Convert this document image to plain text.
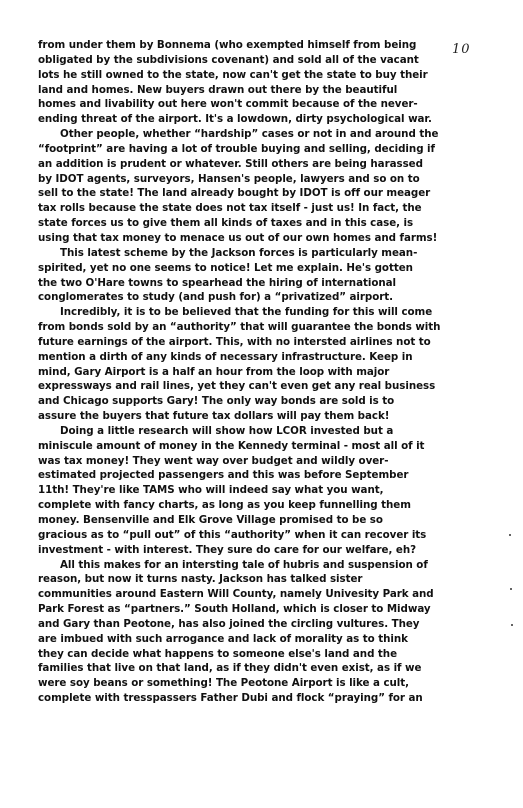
10
from under them by Bonnema (who exempted himself from being
obligated by the subdivisions covenant) and sold all of the vacant
lots he still owned to the state, now can't get the state to buy their
land and homes. New buyers drawn out there by the beautiful
homes and livability out here won't commit because of the never-
ending threat of the airport. It's a lowdown, dirty psychological war.
Other people, whether “hardship” cases or not in and around the
“footprint” are having a lot of trouble buying and selling, deciding if
an addition is prudent or whatever. Still others are being harassed
by IDOT agents, surveyors, Hansen's people, lawyers and so on to
sell to the state! The land already bought by IDOT is off our meager
tax rolls because the state does not tax itself - just us! In fact, the
state forces us to give them all kinds of taxes and in this case, is
using that tax money to menace us out of our own homes and farms!
This latest scheme by the Jackson forces is particularly mean-
spirited, yet no one seems to notice! Let me explain. He's gotten
the two O'Hare towns to spearhead the hiring of international
conglomerates to study (and push for) a “privatized” airport.
Incredibly, it is to be believed that the funding for this will come
from bonds sold by an “authority” that will guarantee the bonds with
future earnings of the airport. This, with no intersted airlines not to
mention a dirth of any kinds of necessary infrastructure. Keep in
mind, Gary Airport is a half an hour from the loop with major
expressways and rail lines, yet they can't even get any real business
and Chicago supports Gary! The only way bonds are sold is to
assure the buyers that future tax dollars will pay them back!
Doing a little research will show how LCOR invested but a
miniscule amount of money in the Kennedy terminal - most all of it
was tax money! They went way over budget and wildly over-
estimated projected passengers and this was before September
11th! They're like TAMS who will indeed say what you want,
complete with fancy charts, as long as you keep funnelling them
money. Bensenville and Elk Grove Village promised to be so
gracious as to “pull out” of this “authority” when it can recover its
investment - with interest. They sure do care for our welfare, eh?
All this makes for an intersting tale of hubris and suspension of
reason, but now it turns nasty. Jackson has talked sister
communities around Eastern Will County, namely Univesity Park and
Park Forest as “partners.” South Holland, which is closer to Midway
and Gary than Peotone, has also joined the circling vultures. They
are imbued with such arrogance and lack of morality as to think
they can decide what happens to someone else's land and the
families that live on that land, as if they didn't even exist, as if we
were soy beans or something! The Peotone Airport is like a cult,
complete with tresspassers Father Dubi and flock “praying” for an
